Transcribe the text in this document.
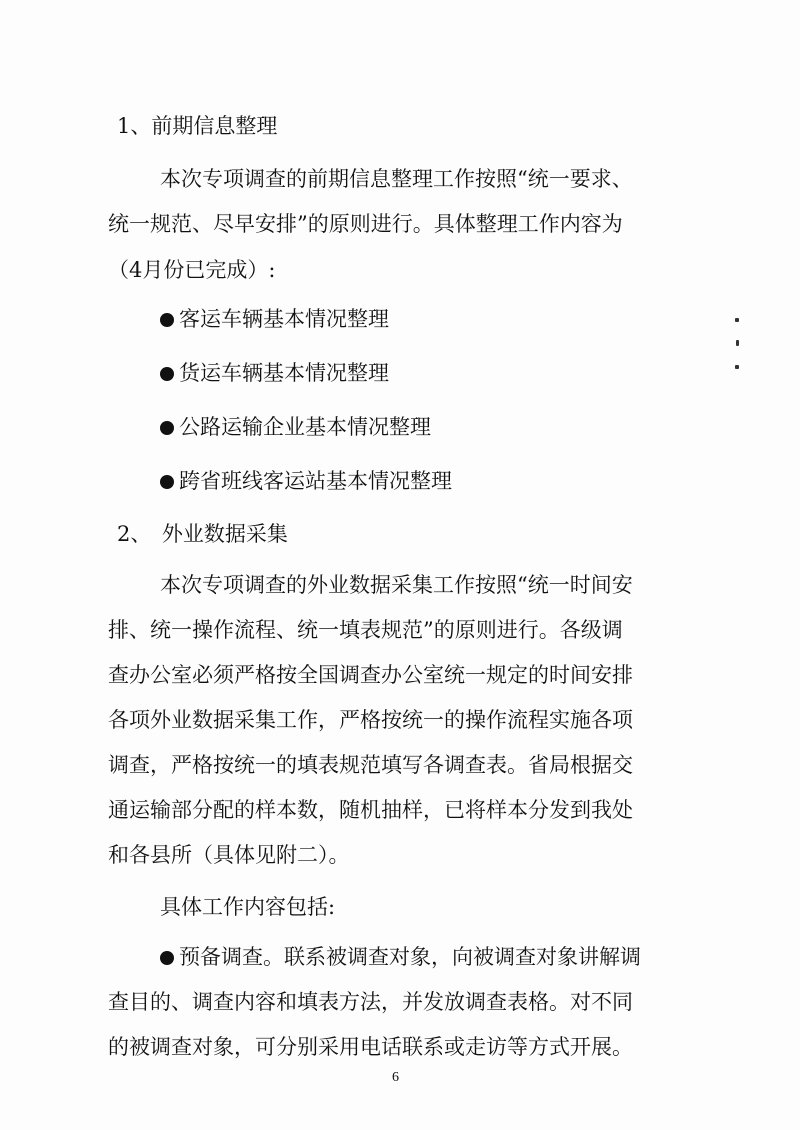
1、前期信息整理
本次专项调查的前期信息整理工作按照“统一要求、
统一规范、尽早安排”的原则进行。具体整理工作内容为
（4月份已完成）:
客运车辆基本情况整理
货运车辆基本情况整理
公路运输企业基本情况整理
跨省班线客运站基本情况整理
2、　外业数据采集
本次专项调查的外业数据采集工作按照“统一时间安
排、统一操作流程、统一填表规范”的原则进行。各级调
查办公室必须严格按全国调查办公室统一规定的时间安排
各项外业数据采集工作，严格按统一的操作流程实施各项
调查，严格按统一的填表规范填写各调查表。省局根据交
通运输部分配的样本数，随机抽样，已将样本分发到我处
和各县所（具体见附二）。
具体工作内容包括:
预备调查。联系被调查对象，向被调查对象讲解调
查目的、调查内容和填表方法，并发放调查表格。对不同
的被调查对象，可分别采用电话联系或走访等方式开展。
6
